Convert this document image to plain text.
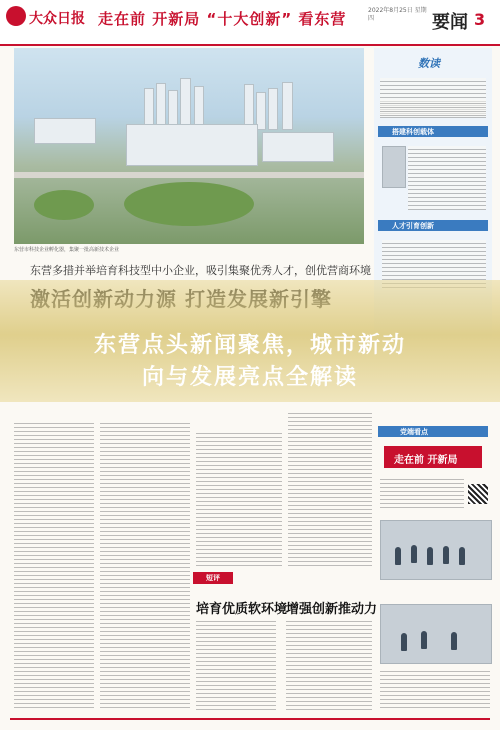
大众日报 走在前 开新局 “十大创新” 看东营	2022年8月25日 星期四	要闻 3
东营市科技企业孵化器，集聚一批高新技术企业
东营多措并举培育科技型中小企业，吸引集聚优秀人才，创优营商环境
数读
搭建科创载体
人才引育创新
短评
培育优质软环境
增强创新推动力
党端看点
走在前 开新局
东营点头新闻聚焦，城市新动
向与发展亮点全解读
